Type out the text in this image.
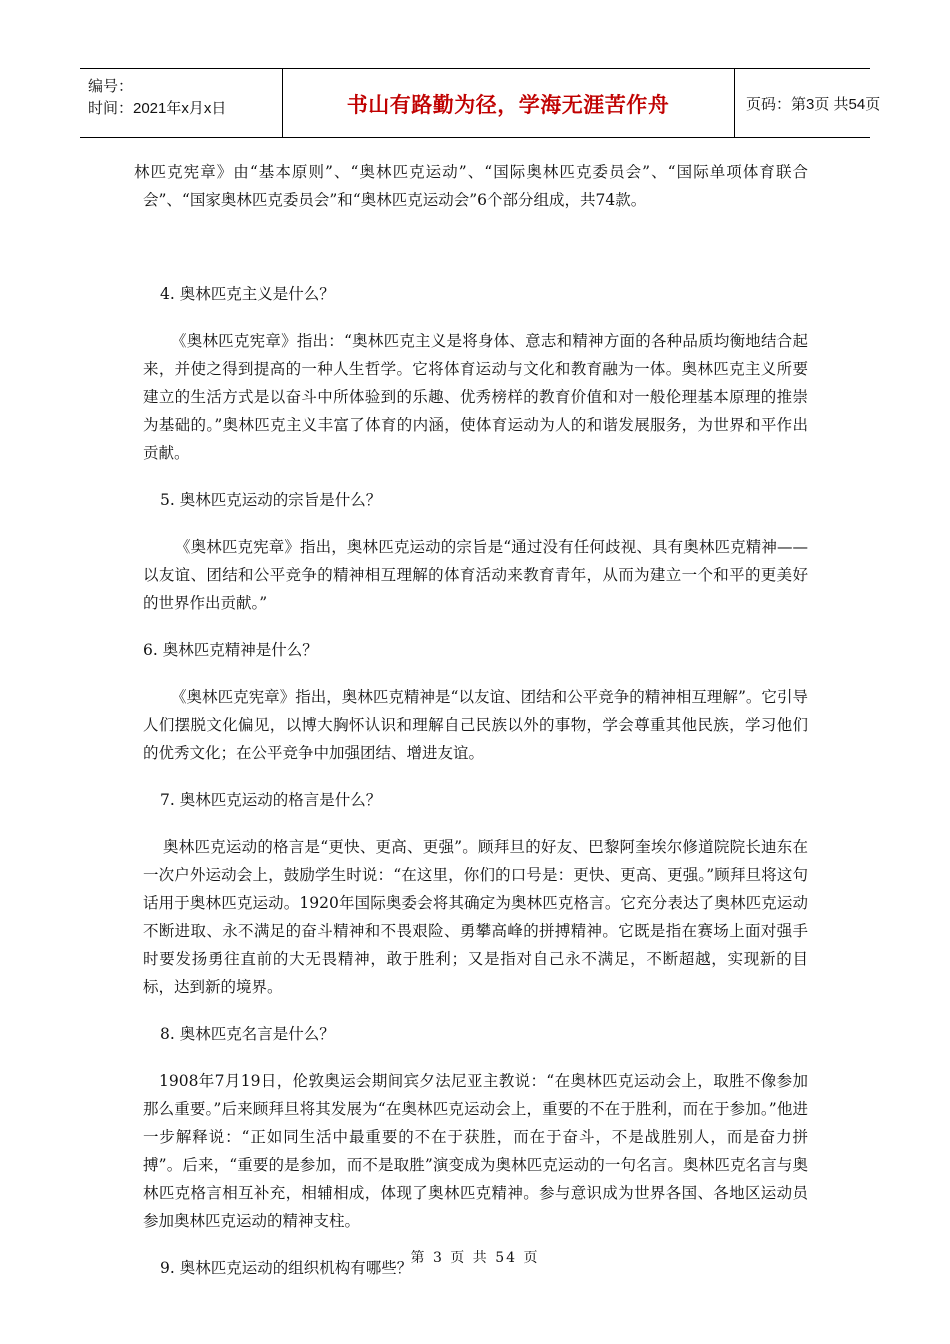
编号：
时间：2021年x月x日	书山有路勤为径，学海无涯苦作舟	页码：第3页 共54页

林匹克宪章》由“基本原则”、“奥林匹克运动”、“国际奥林匹克委员会”、“国际单项体育联合会”、“国家奥林匹克委员会”和“奥林匹克运动会”6个部分组成，共74款。

4. 奥林匹克主义是什么？

《奥林匹克宪章》指出：“奥林匹克主义是将身体、意志和精神方面的各种品质均衡地结合起来，并使之得到提高的一种人生哲学。它将体育运动与文化和教育融为一体。奥林匹克主义所要建立的生活方式是以奋斗中所体验到的乐趣、优秀榜样的教育价值和对一般伦理基本原理的推崇为基础的。”奥林匹克主义丰富了体育的内涵，使体育运动为人的和谐发展服务，为世界和平作出贡献。

5. 奥林匹克运动的宗旨是什么？

《奥林匹克宪章》指出，奥林匹克运动的宗旨是“通过没有任何歧视、具有奥林匹克精神——以友谊、团结和公平竞争的精神相互理解的体育活动来教育青年，从而为建立一个和平的更美好的世界作出贡献。”

6. 奥林匹克精神是什么？

《奥林匹克宪章》指出，奥林匹克精神是“以友谊、团结和公平竞争的精神相互理解”。它引导人们摆脱文化偏见，以博大胸怀认识和理解自己民族以外的事物，学会尊重其他民族，学习他们的优秀文化；在公平竞争中加强团结、增进友谊。

7. 奥林匹克运动的格言是什么？

奥林匹克运动的格言是“更快、更高、更强”。顾拜旦的好友、巴黎阿奎埃尔修道院院长迪东在一次户外运动会上，鼓励学生时说：“在这里，你们的口号是：更快、更高、更强。”顾拜旦将这句话用于奥林匹克运动。1920年国际奥委会将其确定为奥林匹克格言。它充分表达了奥林匹克运动不断进取、永不满足的奋斗精神和不畏艰险、勇攀高峰的拼搏精神。它既是指在赛场上面对强手时要发扬勇往直前的大无畏精神，敢于胜利；又是指对自己永不满足，不断超越，实现新的目标，达到新的境界。

8. 奥林匹克名言是什么？

1908年7月19日，伦敦奥运会期间宾夕法尼亚主教说：“在奥林匹克运动会上，取胜不像参加那么重要。”后来顾拜旦将其发展为“在奥林匹克运动会上，重要的不在于胜利，而在于参加。”他进一步解释说：“正如同生活中最重要的不在于获胜，而在于奋斗，不是战胜别人，而是奋力拼搏”。后来，“重要的是参加，而不是取胜”演变成为奥林匹克运动的一句名言。奥林匹克名言与奥林匹克格言相互补充，相辅相成，体现了奥林匹克精神。参与意识成为世界各国、各地区运动员参加奥林匹克运动的精神支柱。

9. 奥林匹克运动的组织机构有哪些？

第 3 页 共 54 页
